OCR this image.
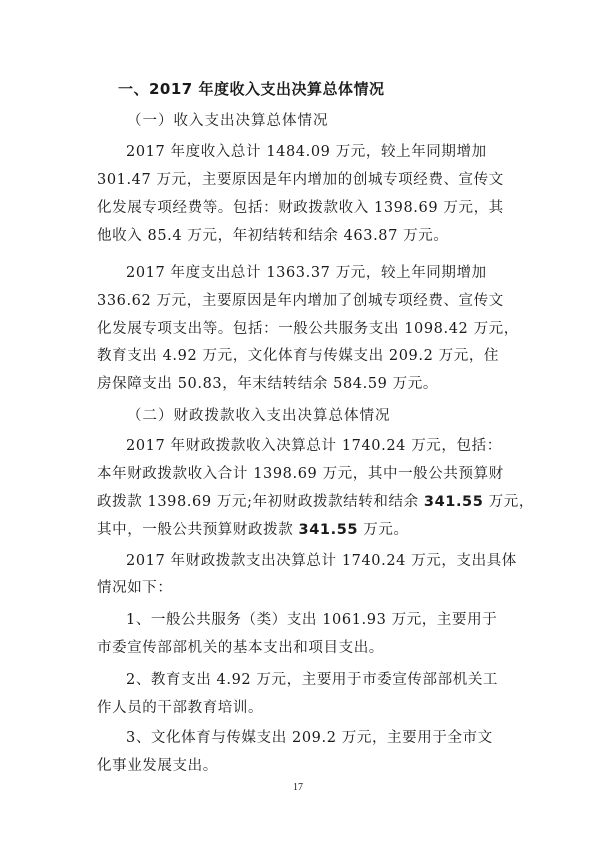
一、2017 年度收入支出决算总体情况
（一）收入支出决算总体情况
2017 年度收入总计 1484.09 万元，较上年同期增加
301.47 万元，主要原因是年内增加的创城专项经费、宣传文
化发展专项经费等。包括：财政拨款收入 1398.69 万元，其
他收入 85.4 万元，年初结转和结余 463.87 万元。
2017 年度支出总计 1363.37 万元，较上年同期增加
336.62 万元，主要原因是年内增加了创城专项经费、宣传文
化发展专项支出等。包括：一般公共服务支出 1098.42 万元，
教育支出 4.92 万元，文化体育与传媒支出 209.2 万元，住
房保障支出 50.83，年末结转结余 584.59 万元。
（二）财政拨款收入支出决算总体情况
2017 年财政拨款收入决算总计 1740.24 万元，包括：
本年财政拨款收入合计 1398.69 万元，其中一般公共预算财
政拨款 1398.69 万元;年初财政拨款结转和结余 341.55 万元，
其中，一般公共预算财政拨款 341.55 万元。
2017 年财政拨款支出决算总计 1740.24 万元，支出具体
情况如下：
1、一般公共服务（类）支出 1061.93 万元，主要用于
市委宣传部部机关的基本支出和项目支出。
2、教育支出 4.92 万元，主要用于市委宣传部部机关工
作人员的干部教育培训。
3、文化体育与传媒支出 209.2 万元，主要用于全市文
化事业发展支出。
17
